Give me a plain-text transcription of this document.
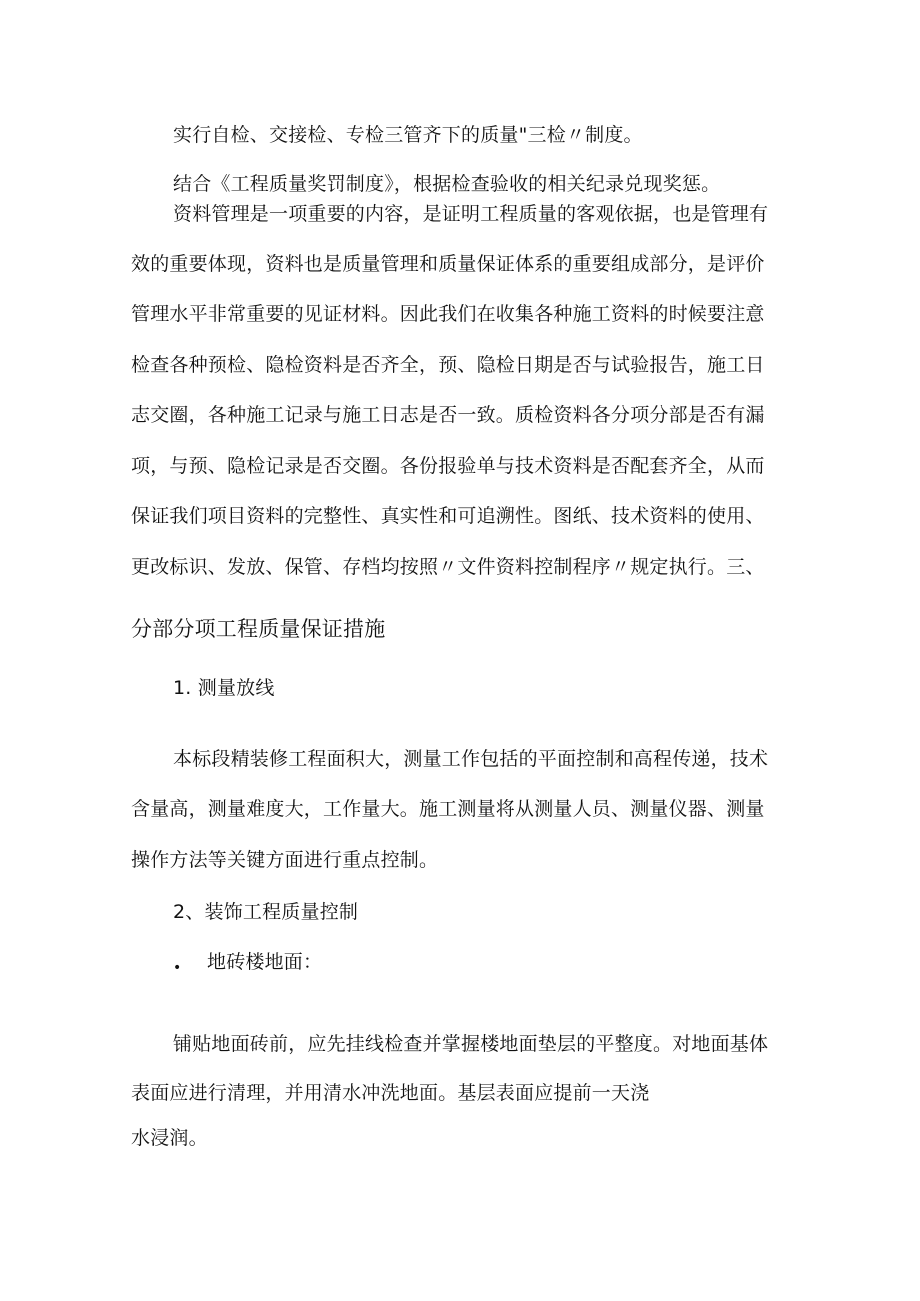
实行自检、交接检、专检三管齐下的质量"三检〃制度。
结合《工程质量奖罚制度》，根据检查验收的相关纪录兑现奖惩。
资料管理是一项重要的内容，是证明工程质量的客观依据，也是管理有
效的重要体现，资料也是质量管理和质量保证体系的重要组成部分，是评价
管理水平非常重要的见证材料。因此我们在收集各种施工资料的时候要注意
检查各种预检、隐检资料是否齐全，预、隐检日期是否与试验报告，施工日
志交圈，各种施工记录与施工日志是否一致。质检资料各分项分部是否有漏
项，与预、隐检记录是否交圈。各份报验单与技术资料是否配套齐全，从而
保证我们项目资料的完整性、真实性和可追溯性。图纸、技术资料的使用、
更改标识、发放、保管、存档均按照〃文件资料控制程序〃规定执行。三、
分部分项工程质量保证措施
1. 测量放线
本标段精装修工程面积大，测量工作包括的平面控制和高程传递，技术
含量高，测量难度大，工作量大。施工测量将从测量人员、测量仪器、测量
操作方法等关键方面进行重点控制。
2、装饰工程质量控制
• 地砖楼地面：
铺贴地面砖前，应先挂线检查并掌握楼地面垫层的平整度。对地面基体
表面应进行清理，并用清水冲洗地面。基层表面应提前一天浇
水浸润。
